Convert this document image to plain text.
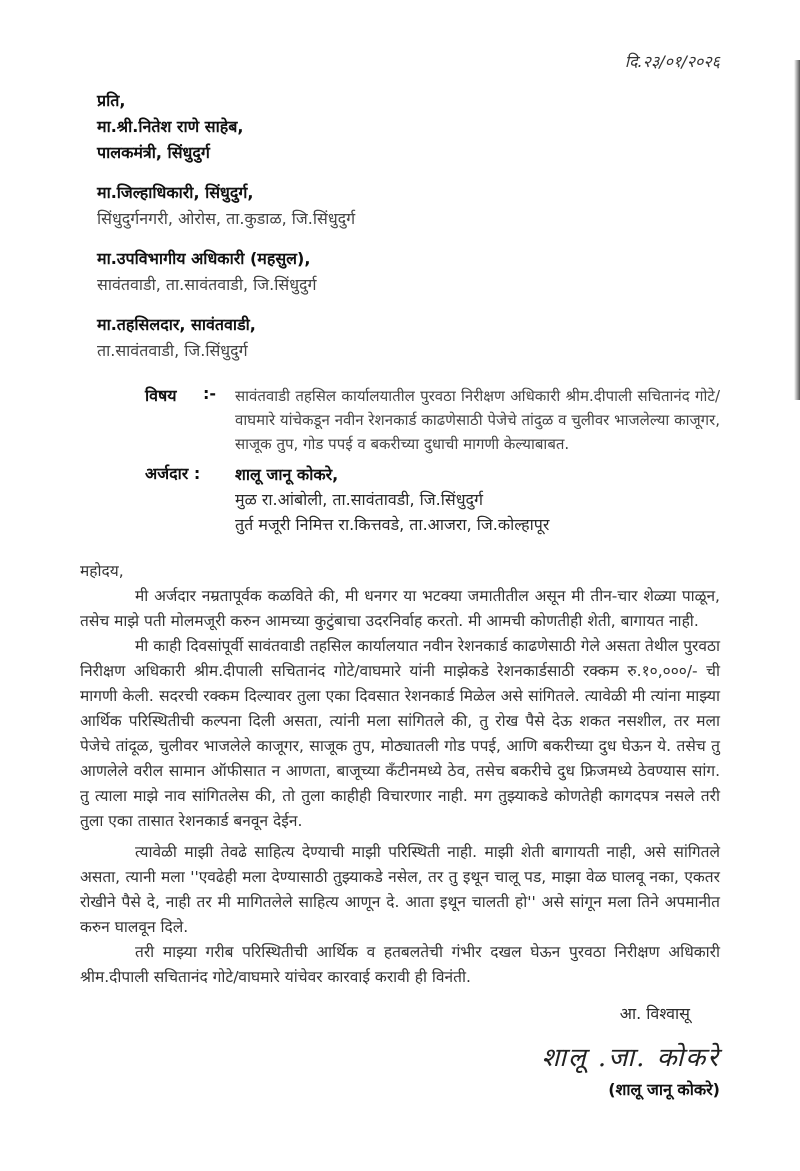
दि.२३/०१/२०२६
प्रति,
मा.श्री.नितेश राणे साहेब,
पालकमंत्री, सिंधुदुर्ग
मा.जिल्हाधिकारी, सिंधुदुर्ग,
सिंधुदुर्गनगरी, ओरोस, ता.कुडाळ, जि.सिंधुदुर्ग
मा.उपविभागीय अधिकारी (महसुल),
सावंतवाडी, ता.सावंतवाडी, जि.सिंधुदुर्ग
मा.तहसिलदार, सावंतवाडी,
ता.सावंतवाडी, जि.सिंधुदुर्ग
विषय	:-	सावंतवाडी तहसिल कार्यालयातील पुरवठा निरीक्षण अधिकारी श्रीम.दीपाली सचितानंद गोटे/वाघमारे यांचेकडून नवीन रेशनकार्ड काढणेसाठी पेजेचे तांदुळ व चुलीवर भाजलेल्या काजूगर, साजूक तुप, गोड पपई व बकरीच्या दुधाची मागणी केल्याबाबत.
अर्जदार :	शालू जानू कोकरे,
मुळ रा.आंबोली, ता.सावंतावडी, जि.सिंधुदुर्ग
तुर्त मजूरी निमित्त रा.कित्तवडे, ता.आजरा, जि.कोल्हापूर
महोदय,

मी अर्जदार नम्रतापूर्वक कळविते की, मी धनगर या भटक्या जमातीतील असून मी तीन-चार शेळ्या पाळून, तसेच माझे पती मोलमजूरी करुन आमच्या कुटुंबाचा उदरनिर्वाह करतो. मी आमची कोणतीही शेती, बागायत नाही.

मी काही दिवसांपूर्वी सावंतवाडी तहसिल कार्यालयात नवीन रेशनकार्ड काढणेसाठी गेले असता तेथील पुरवठा निरीक्षण अधिकारी श्रीम.दीपाली सचितानंद गोटे/वाघमारे यांनी माझेकडे रेशनकार्डसाठी रक्कम रु.१०,०००/- ची मागणी केली. सदरची रक्कम दिल्यावर तुला एका दिवसात रेशनकार्ड मिळेल असे सांगितले. त्यावेळी मी त्यांना माझ्या आर्थिक परिस्थितीची कल्पना दिली असता, त्यांनी मला सांगितले की, तु रोख पैसे देऊ शकत नसशील, तर मला पेजेचे तांदूळ, चुलीवर भाजलेले काजूगर, साजूक तुप, मोठ्यातली गोड पपई, आणि बकरीच्या दुध घेऊन ये. तसेच तु आणलेले वरील सामान ऑफीसात न आणता, बाजूच्या कॅंटीनमध्ये ठेव, तसेच बकरीचे दुध फ्रिजमध्ये ठेवण्यास सांग. तु त्याला माझे नाव सांगितलेस की, तो तुला काहीही विचारणार नाही. मग तुझ्याकडे कोणतेही कागदपत्र नसले तरी तुला एका तासात रेशनकार्ड बनवून देईन.

त्यावेळी माझी तेवढे साहित्य देण्याची माझी परिस्थिती नाही. माझी शेती बागायती नाही, असे सांगितले असता, त्यानी मला ''एवढेही मला देण्यासाठी तुझ्याकडे नसेल, तर तु इथून चालू पड, माझा वेळ घालवू नका, एकतर रोखीने पैसे दे, नाही तर मी मागितलेले साहित्य आणून दे. आता इथून चालती हो'' असे सांगून मला तिने अपमानीत करुन घालवून दिले.

तरी माझ्या गरीब परिस्थितीची आर्थिक व हतबलतेची गंभीर दखल घेऊन पुरवठा निरीक्षण अधिकारी श्रीम.दीपाली सचितानंद गोटे/वाघमारे यांचेवर कारवाई करावी ही विनंती.

आ. विश्वासू
शालू .जा. कोकरे
(शालू जानू कोकरे)
